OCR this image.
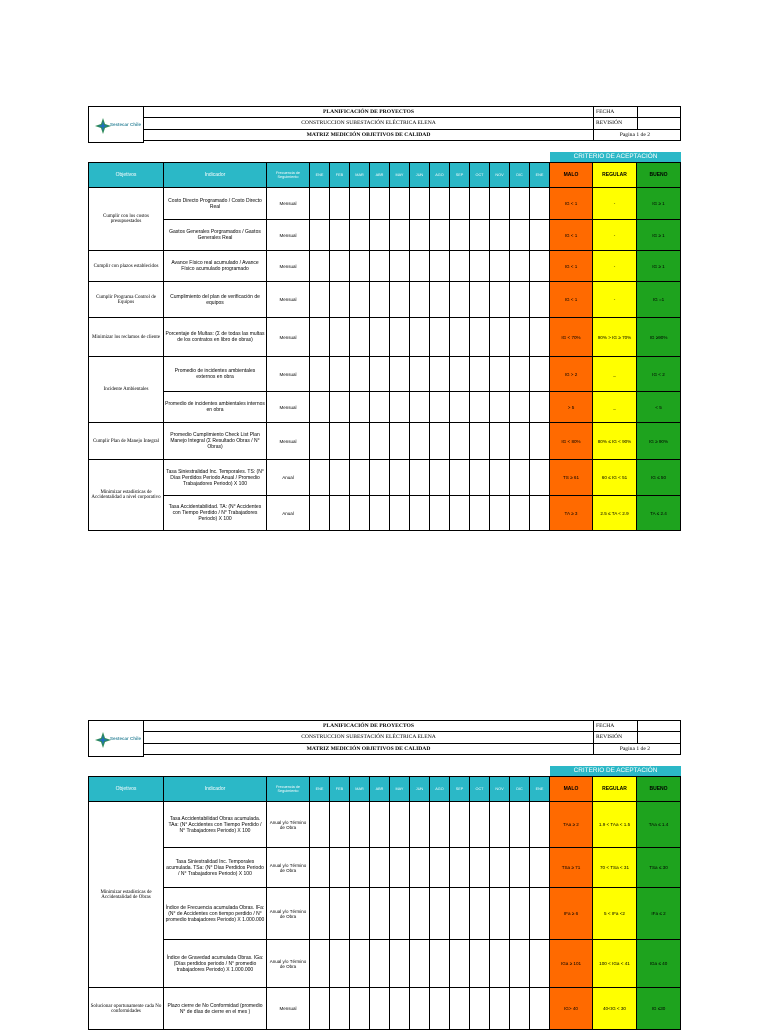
Sestecar Chile
PLANIFICACIÓN DE PROYECTOS	FECHA
CONSTRUCCION SUBESTACIÓN ELÉCTRICA ELENA	REVISIÓN
MATRIZ MEDICIÓN OBJETIVOS DE CALIDAD	Pagina 1 de 2
CRITERIO DE ACEPTACIÓN
Objetivos	Indicador	Frecuencia de Seguimiento	ENE	FEB	MAR	ABR	MAY	JUN	AGO	SEP	OCT	NOV	DIC	ENE	MALO	REGULAR	BUENO
Cumplir con los costos presupuestados	Costo Directo Programado / Costo Directo Real	Mensual													IG < 1	-	IG ≥ 1
	Gastos Generales Porgramados / Gastos Generales Real	Mensual													IG < 1	-	IG ≥ 1
Cumplir con plazos establecidos	Avance Físico real acumulado / Avance Físico acumulado programado	Mensual													IG < 1	-	IG ≥ 1
Cumplir Programa Control de Equipos	Cumplimiento del plan de verificación de equipos	Mensual													IG < 1	-	IG =1
Minimizar los reclamos de cliente	Porcentaje de Multas: (Σ de todas las multas de los contratos en libro de obras)	Mensual													IG < 70%	90% > IG ≥ 70%	IG ≥90%
Incidente Ambientales	Promedio de incidentes ambientales externos en obra	Mensual													IG > 2	_	IG < 2
	Promedio de incidentes ambientales internos en obra	Mensual													> 5	_	< 5
Cumplir Plan de Manejo Integral	Promedio Cumplimiento Check List Plan Manejo Integral (Σ Resultado Obras / N° Obras)	Mensual													IG < 80%	80% ≤ IG < 90%	IG ≥ 90%
Minimizar estadísticas de Accidentalidad a nivel corporativo	Tasa Siniestralidad Inc. Temporales. TS: (N° Días Perdidos Periodo Anual / Promedio Trabajadores Periodo) X 100	Anual													TS ≥ 61	60 ≤ IG < 51	IG ≤ 50
	Tasa Accidentabilidad. TA: (N° Accidentes con Tiempo Perdido / N° Trabajadores Periodo) X 100	Anual													TA ≥ 3	2.5 ≤ TA < 2.9	TA ≤ 2.4
Sestecar Chile
PLANIFICACIÓN DE PROYECTOS	FECHA
CONSTRUCCION SUBESTACIÓN ELÉCTRICA ELENA	REVISIÓN
MATRIZ MEDICIÓN OBJETIVOS DE CALIDAD	Pagina 1 de 2
CRITERIO DE ACEPTACIÓN
Objetivos	Indicador	Frecuencia de Seguimiento	ENE	FEB	MAR	ABR	MAY	JUN	AGO	SEP	OCT	NOV	DIC	ENE	MALO	REGULAR	BUENO
Minimizar estadísticas de Accidentalidad de Obras	Tasa Accidentabilidad Obras acumulada. TAa: (N° Accidentes con Tiempo Perdido / N° Trabajadores Periodo) X 100	Anual y/o Término de Obra													TAa ≥ 2	1.9 < TAa < 1.5	TAa ≤ 1.4
	Tasa Siniestralidad Inc. Temporales acumulada. TSa: (N° Días Perdidos Periodo / N° Trabajadores Periodo) X 100	Anual y/o Término de Obra													TSa ≥ 71	70 < TSa < 31	TSa ≤ 30
	Índice de Frecuencia acumulada Obras. IFa: (N° de Accidentes con tiempo perdido / N° promedio trabajadores Periodo) X 1.000.000	Anual y/o Término de Obra													IFa ≥ 6	5 < IFa <2	IFa ≤ 2
	Índice de Gravedad acumulada Obras. IGa: (Días perdidos periodo / N° promedio trabajadores Periodo) X 1.000.000	Anual y/o Término de Obra													IGa ≥ 101	100 < IGa < 41	IGa ≤ 40
Solucionar oportunamente cada No conformidades	Plazo cierre de No Conformidad (promedio N° de días de cierre en el mes )	Mensual													IG> 40	40<IG < 30	IG ≤30
